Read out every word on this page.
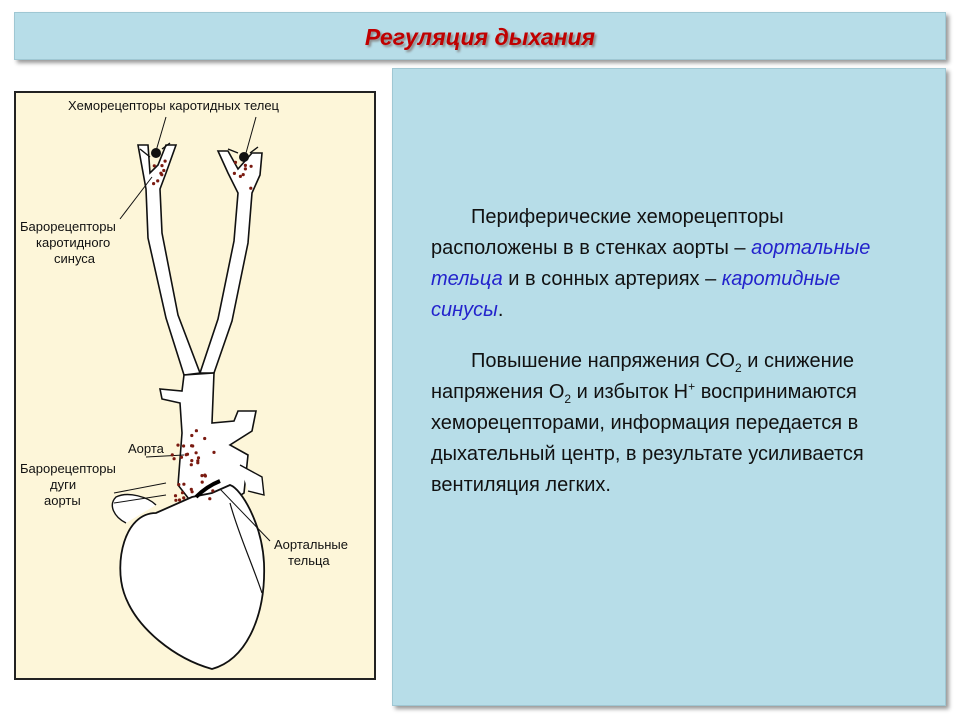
Регуляция дыхания
Хеморецепторы каротидных телец
Барорецепторы
каротидного
синуса
Аорта
Барорецепторы
дуги
аорты
Аортальные
тельца
Периферические хеморецепторы расположены в в стенках аорты – аортальные тельца и в сонных артериях – каротидные синусы.
Повышение напряжения $СО_2$ и снижение напряжения $О_2$ и избыток Н+ воспринимаются хеморецепторами, информация передается в дыхательный центр, в результате усиливается вентиляция легких.
